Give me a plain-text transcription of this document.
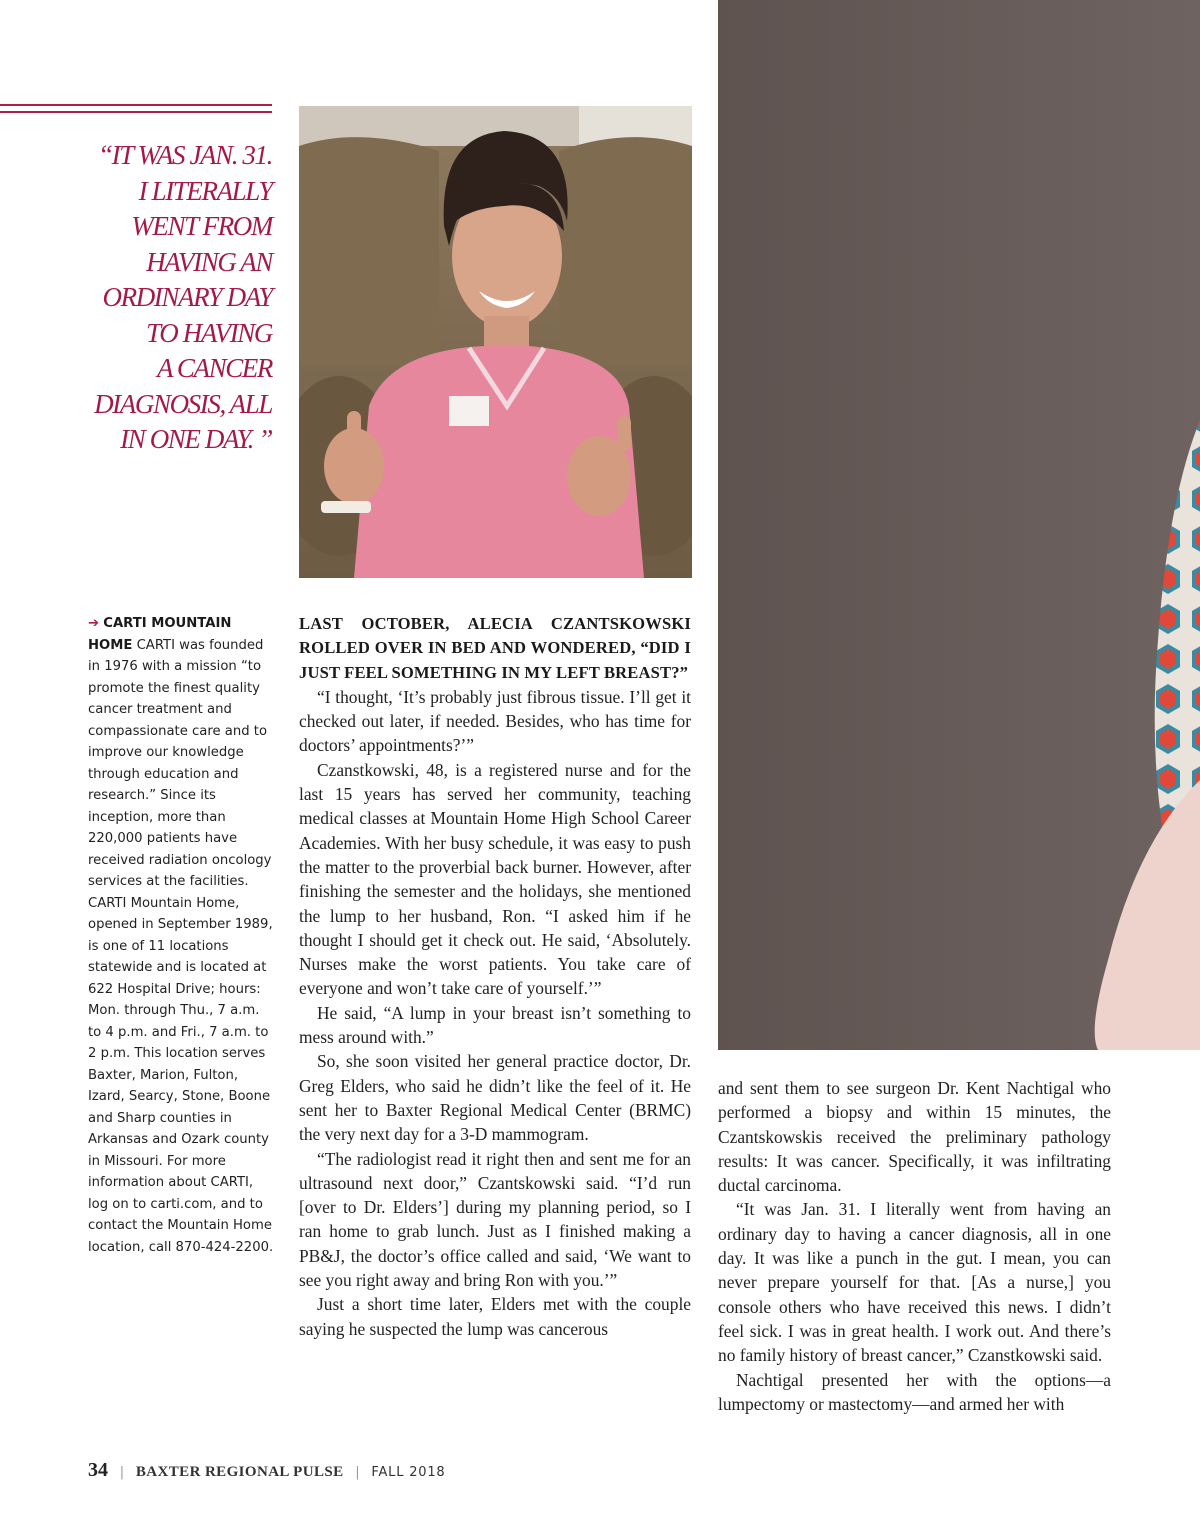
“IT WAS JAN. 31.
I LITERALLY
WENT FROM
HAVING AN
ORDINARY DAY
TO HAVING
A CANCER
DIAGNOSIS, ALL
IN ONE DAY. ”
➔ CARTI MOUNTAIN HOME CARTI was founded in 1976 with a mission “to promote the finest quality cancer treatment and compassionate care and to improve our knowledge through education and research.” Since its inception, more than 220,000 patients have received radiation oncology services at the facilities. CARTI Mountain Home, opened in September 1989, is one of 11 locations statewide and is located at 622 Hospital Drive; hours: Mon. through Thu., 7 a.m. to 4 p.m. and Fri., 7 a.m. to 2 p.m. This location serves Baxter, Marion, Fulton, Izard, Searcy, Stone, Boone and Sharp counties in Arkansas and Ozark county in Missouri. For more information about CARTI, log on to carti.com, and to contact the Mountain Home location, call 870-424-2200.

LAST OCTOBER, ALECIA CZANTSKOWSKI ROLLED OVER IN BED AND WONDERED, “DID I JUST FEEL SOMETHING IN MY LEFT BREAST?”

“I thought, ‘It’s probably just fibrous tissue. I’ll get it checked out later, if needed. Besides, who has time for doctors’ appointments?’”

Czanstkowski, 48, is a registered nurse and for the last 15 years has served her community, teaching medical classes at Mountain Home High School Career Academies. With her busy schedule, it was easy to push the matter to the proverbial back burner. However, after finishing the semester and the holidays, she mentioned the lump to her husband, Ron. “I asked him if he thought I should get it check out. He said, ‘Absolutely. Nurses make the worst patients. You take care of everyone and won’t take care of yourself.’”

He said, “A lump in your breast isn’t something to mess around with.”

So, she soon visited her general practice doctor, Dr. Greg Elders, who said he didn’t like the feel of it. He sent her to Baxter Regional Medical Center (BRMC) the very next day for a 3-D mammogram.

“The radiologist read it right then and sent me for an ultrasound next door,” Czantskowski said. “I’d run [over to Dr. Elders’] during my planning period, so I ran home to grab lunch. Just as I finished making a PB&J, the doctor’s office called and said, ‘We want to see you right away and bring Ron with you.’”

Just a short time later, Elders met with the couple saying he suspected the lump was cancerous

and sent them to see surgeon Dr. Kent Nachtigal who performed a biopsy and within 15 minutes, the Czantskowskis received the preliminary pathology results: It was cancer. Specifically, it was infiltrating ductal carcinoma.

“It was Jan. 31. I literally went from having an ordinary day to having a cancer diagnosis, all in one day. It was like a punch in the gut. I mean, you can never prepare yourself for that. [As a nurse,] you console others who have received this news. I didn’t feel sick. I was in great health. I work out. And there’s no family history of breast cancer,” Czanstkowski said.

Nachtigal presented her with the options—a lumpectomy or mastectomy—and armed her with

34 | BAXTER REGIONAL PULSE | FALL 2018
